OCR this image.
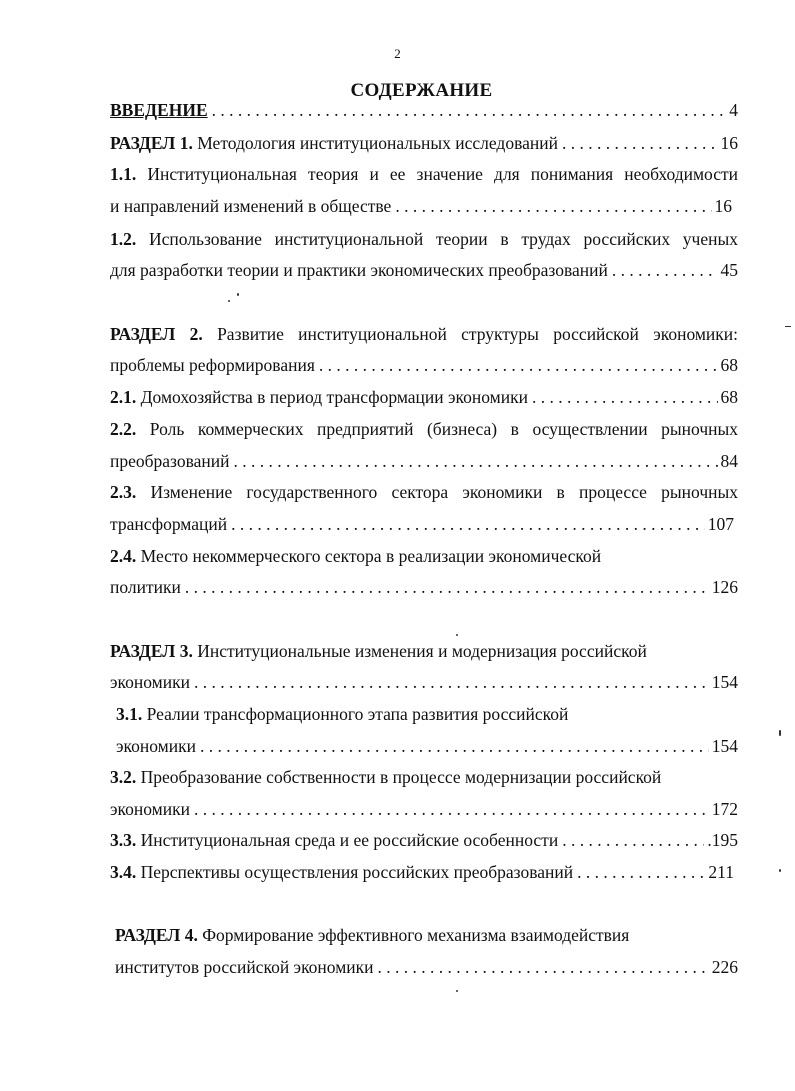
2
СОДЕРЖАНИЕ
ВВЕДЕНИЕ . . .	4
РАЗДЕЛ 1. Методология институциональных исследований . . .	16
1.1. Институциональная теория и ее значение для понимания необходимости
и направлений изменений в обществе . . .	16
1.2. Использование институциональной теории в трудах российских ученых
для разработки теории и практики экономических преобразований . . .	45
РАЗДЕЛ 2. Развитие институциональной структуры российской экономики:
проблемы реформирования . . .	68
2.1. Домохозяйства в период трансформации экономики . . .	68
2.2. Роль коммерческих предприятий (бизнеса) в осуществлении рыночных
преобразований . . .	84
2.3. Изменение государственного сектора экономики в процессе рыночных
трансформаций . . .	107
2.4. Место некоммерческого сектора в реализации экономической
политики . . .	126
РАЗДЕЛ 3. Институциональные изменения и модернизация российской
экономики . . .	154
3.1. Реалии трансформационного этапа развития российской
экономики . . .	154
3.2. Преобразование собственности в процессе модернизации российской
экономики . . .	172
3.3. Институциональная среда и ее российские особенности . . .	.195
3.4. Перспективы осуществления российских преобразований . . .	211
РАЗДЕЛ 4. Формирование эффективного механизма взаимодействия
институтов российской экономики . . .	226
